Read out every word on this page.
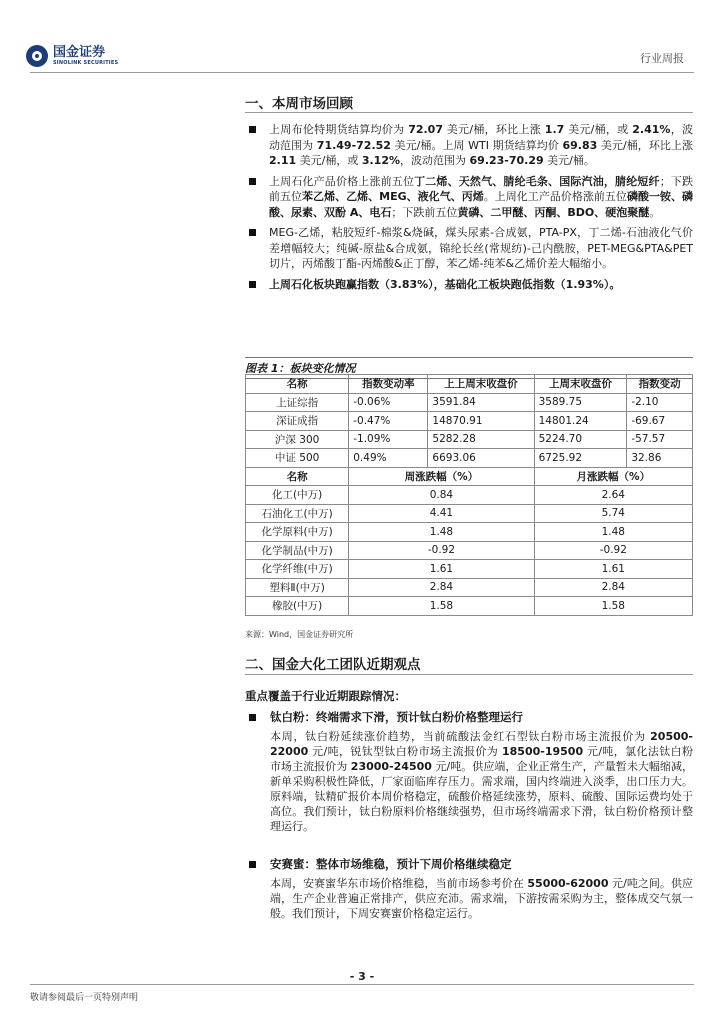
国金证券
SINOLINK SECURITIES	行业周报
一、本周市场回顾
上周布伦特期货结算均价为 72.07 美元/桶，环比上涨 1.7 美元/桶，或 2.41%，波动范围为 71.49-72.52 美元/桶。上周 WTI 期货结算均价 69.83 美元/桶，环比上涨 2.11 美元/桶，或 3.12%，波动范围为 69.23-70.29 美元/桶。
上周石化产品价格上涨前五位丁二烯、天然气、腈纶毛条、国际汽油，腈纶短纤；下跌前五位苯乙烯、乙烯、MEG、液化气、丙烯。上周化工产品价格涨前五位磷酸一铵、磷酸、尿素、双酚 A、电石；下跌前五位黄磷、二甲醚、丙酮、BDO、硬泡聚醚。
MEG-乙烯，粘胶短纤-棉浆&烧碱，煤头尿素-合成氨，PTA-PX，丁二烯-石油液化气价差增幅较大；纯碱-原盐&合成氨，锦纶长丝(常规纺)-己内酰胺，PET-MEG&PTA&PET 切片，丙烯酸丁酯-丙烯酸&正丁醇，苯乙烯-纯苯&乙烯价差大幅缩小。
上周石化板块跑赢指数（3.83%），基础化工板块跑低指数（1.93%）。
图表 1：板块变化情况
名称	指数变动率	上上周末收盘价	上周末收盘价	指数变动
上证综指	-0.06%	3591.84	3589.75	-2.10
深证成指	-0.47%	14870.91	14801.24	-69.67
沪深 300	-1.09%	5282.28	5224.70	-57.57
中证 500	0.49%	6693.06	6725.92	32.86
名称	周涨跌幅（%）		月涨跌幅（%）	
化工(中万)	0.84		2.64	
石油化工(中万)	4.41		5.74	
化学原料(中万)	1.48		1.48	
化学制品(中万)	-0.92		-0.92	
化学纤维(中万)	1.61		1.61	
塑料Ⅱ(中万)	2.84		2.84	
橡胶(中万)	1.58		1.58	
来源：Wind，国金证券研究所
二、国金大化工团队近期观点
重点覆盖于行业近期跟踪情况：
钛白粉：终端需求下滑，预计钛白粉价格整理运行
本周，钛白粉延续涨价趋势，当前硫酸法金红石型钛白粉市场主流报价为 20500-22000 元/吨，锐钛型钛白粉市场主流报价为 18500-19500 元/吨，氯化法钛白粉市场主流报价为 23000-24500 元/吨。供应端，企业正常生产，产量暂未大幅缩减，新单采购积极性降低，厂家面临库存压力。需求端，国内终端进入淡季，出口压力大。原料端，钛精矿报价本周价格稳定，硫酸价格延续涨势，原料、硫酸、国际运费均处于高位。我们预计，钛白粉原料价格继续强势，但市场终端需求下滑，钛白粉价格预计整理运行。
安赛蜜：整体市场维稳，预计下周价格继续稳定
本周，安赛蜜华东市场价格维稳，当前市场参考价在 55000-62000 元/吨之间。供应端，生产企业普遍正常排产，供应充沛。需求端，下游按需采购为主，整体成交气氛一般。我们预计，下周安赛蜜价格稳定运行。
- 3 -
敬请参阅最后一页特别声明
